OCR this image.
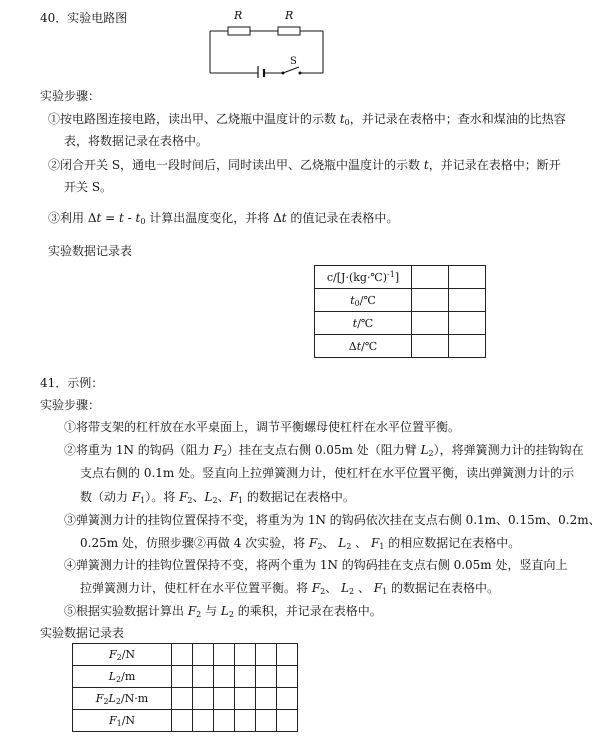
40．实验电路图	R	R
S
实验步骤：
①按电路图连接电路，读出甲、乙烧瓶中温度计的示数 $t_0$，并记录在表格中；查水和煤油的比热容
表，将数据记录在表格中。
②闭合开关 S，通电一段时间后，同时读出甲、乙烧瓶中温度计的示数 t，并记录在表格中；断开
开关 S。
③利用 $\Delta t = t - t_0$ 计算出温度变化，并将 Δt 的值记录在表格中。
实验数据记录表
c/[J·(kg·℃)$^{-1}$]		
$t_0/℃$		
t/℃		
Δt/℃		
41．示例：
实验步骤：
①将带支架的杠杆放在水平桌面上，调节平衡螺母使杠杆在水平位置平衡。
②将重为 1N 的钩码（阻力 $F_2$）挂在支点右侧 0.05m 处（阻力臂 $L_2$），将弹簧测力计的挂钩钩在
支点右侧的 0.1m 处。竖直向上拉弹簧测力计，使杠杆在水平位置平衡，读出弹簧测力计的示
数（动力 $F_1$）。将 $F_2$、$L_2$、$F_1$ 的数据记在表格中。
③弹簧测力计的挂钩位置保持不变，将重为为 1N 的钩码依次挂在支点右侧 0.1m、0.15m、0.2m、
0.25m 处，仿照步骤②再做 4 次实验，将 $F_2$、 $L_2$ 、 $F_1$ 的相应数据记在表格中。
④弹簧测力计的挂钩位置保持不变，将两个重为 1N 的钩码挂在支点右侧 0.05m 处，竖直向上
拉弹簧测力计，使杠杆在水平位置平衡。将 $F_2$、 $L_2$ 、 $F_1$ 的数据记在表格中。
⑤根据实验数据计算出 $F_2$ 与 $L_2$ 的乘积，并记录在表格中。
实验数据记录表
$F_2/N$						
$L_2/m$						
$F_2L_2/N\cdot m$						
$F_1/N$						
